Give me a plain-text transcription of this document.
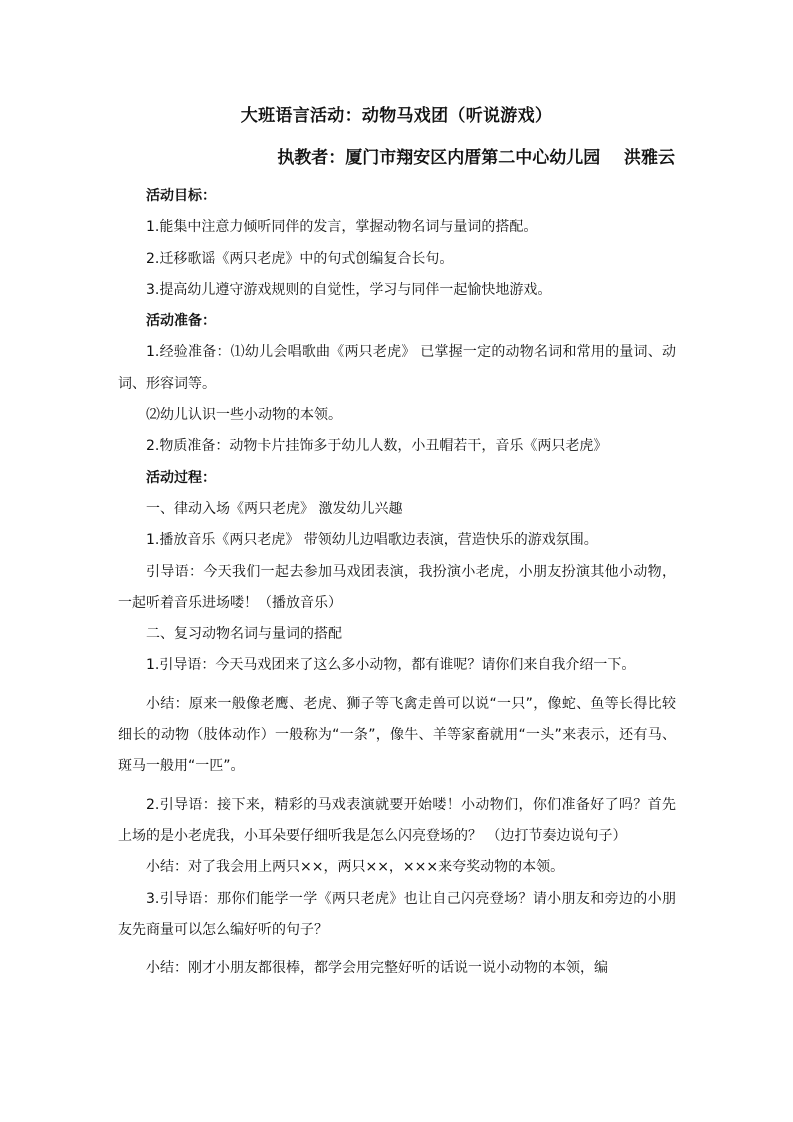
大班语言活动：动物马戏团（听说游戏）
执教者：厦门市翔安区内厝第二中心幼儿园    洪雅云

活动目标：

1.能集中注意力倾听同伴的发言，掌握动物名词与量词的搭配。

2.迁移歌谣《两只老虎》中的句式创编复合长句。

3.提高幼儿遵守游戏规则的自觉性，学习与同伴一起愉快地游戏。

活动准备：

1.经验准备：⑴幼儿会唱歌曲《两只老虎》 已掌握一定的动物名词和常用的量词、动词、形容词等。

⑵幼儿认识一些小动物的本领。

2.物质准备：动物卡片挂饰多于幼儿人数，小丑帽若干，音乐《两只老虎》

活动过程：

一、律动入场《两只老虎》 激发幼儿兴趣

1.播放音乐《两只老虎》 带领幼儿边唱歌边表演，营造快乐的游戏氛围。

引导语：今天我们一起去参加马戏团表演，我扮演小老虎，小朋友扮演其他小动物，一起听着音乐进场喽！（播放音乐）

二、复习动物名词与量词的搭配

1.引导语：今天马戏团来了这么多小动物，都有谁呢？请你们来自我介绍一下。

小结：原来一般像老鹰、老虎、狮子等飞禽走兽可以说“一只”，像蛇、鱼等长得比较细长的动物（肢体动作）一般称为“一条”，像牛、羊等家畜就用“一头”来表示，还有马、斑马一般用“一匹”。

2.引导语：接下来，精彩的马戏表演就要开始喽！小动物们，你们准备好了吗？首先上场的是小老虎我，小耳朵要仔细听我是怎么闪亮登场的？ （边打节奏边说句子）

小结：对了我会用上两只××，两只××，×××来夸奖动物的本领。

3.引导语：那你们能学一学《两只老虎》也让自己闪亮登场？请小朋友和旁边的小朋友先商量可以怎么编好听的句子？

小结：刚才小朋友都很棒，都学会用完整好听的话说一说小动物的本领，编
